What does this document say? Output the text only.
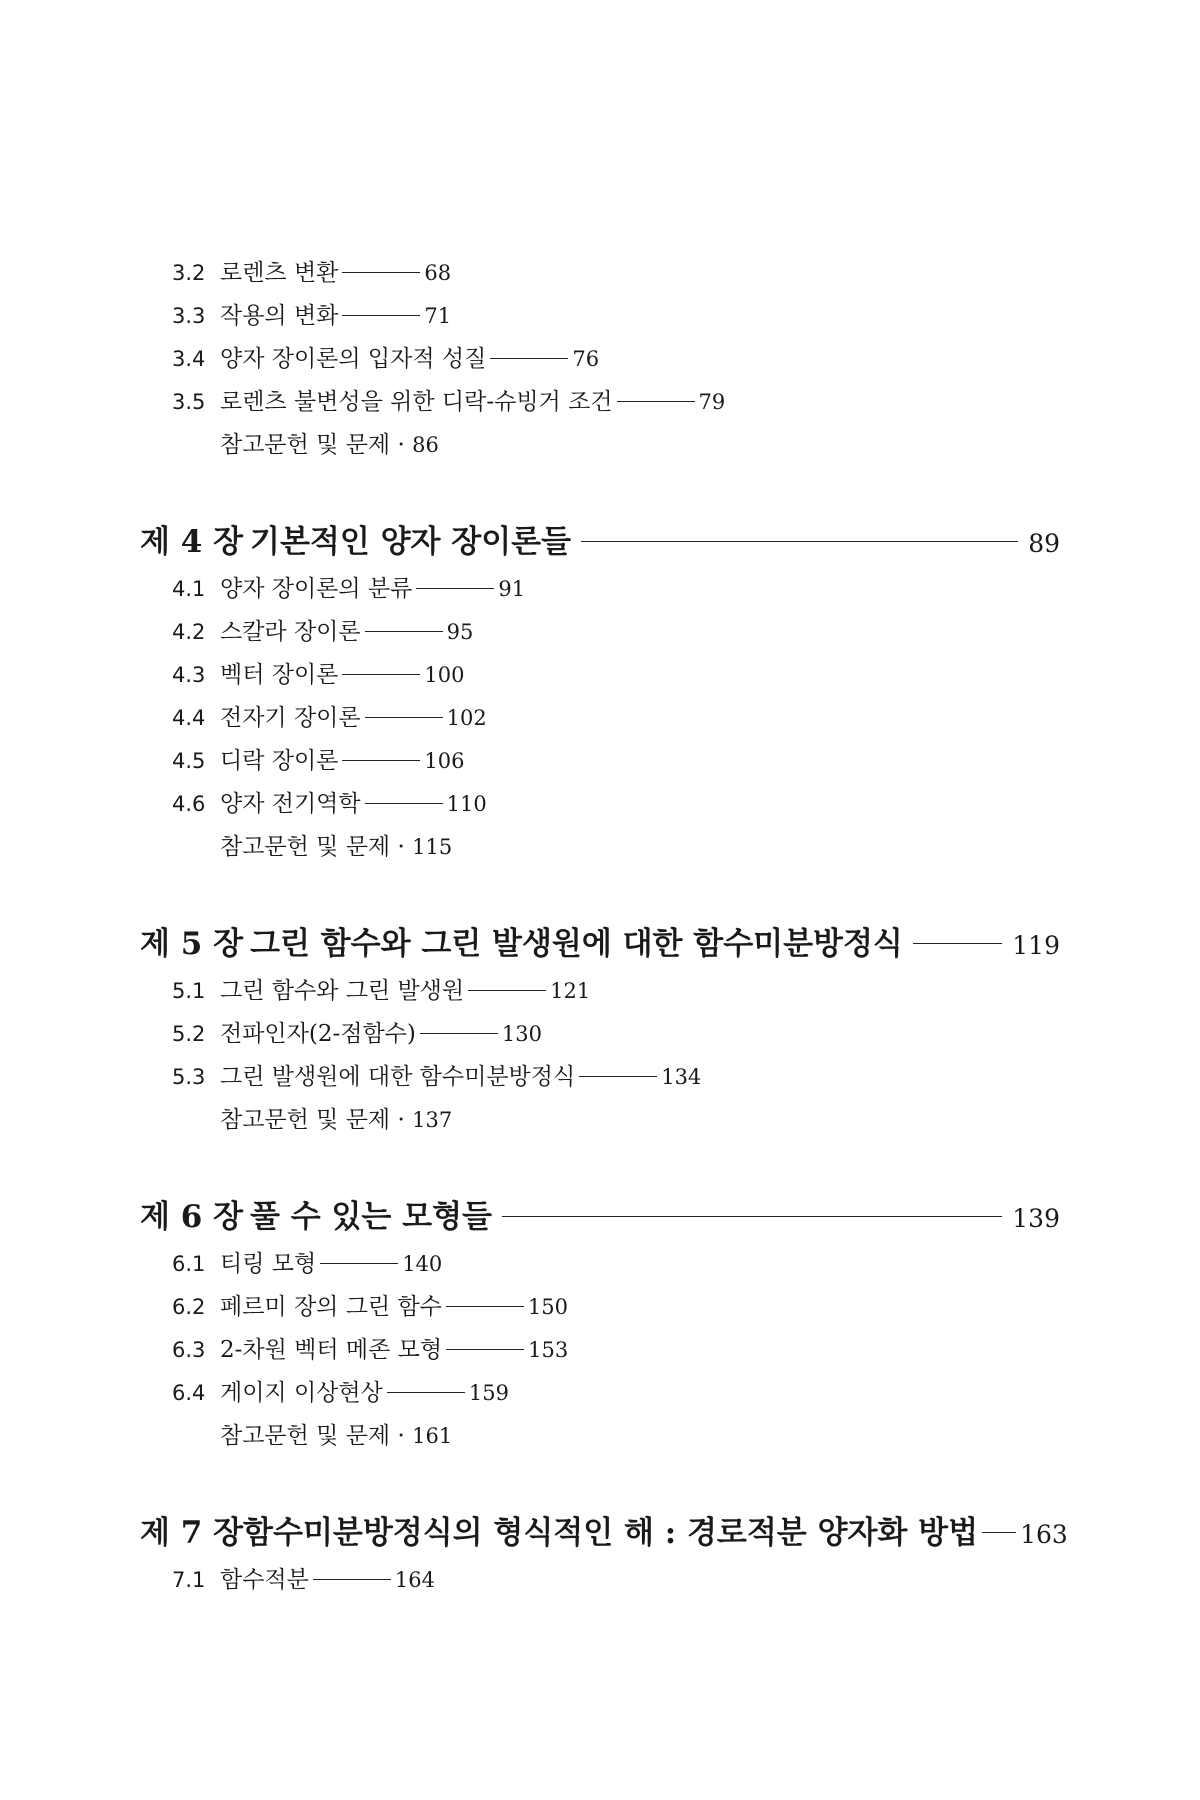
3.2 로렌츠 변환	68
3.3 작용의 변화	71
3.4 양자 장이론의 입자적 성질	76
3.5 로렌츠 불변성을 위한 디락-슈빙거 조건	79
참고문헌 및 문제 · 86
제 4 장 기본적인 양자 장이론들	89
4.1 양자 장이론의 분류	91
4.2 스칼라 장이론	95
4.3 벡터 장이론	100
4.4 전자기 장이론	102
4.5 디락 장이론	106
4.6 양자 전기역학	110
참고문헌 및 문제 · 115
제 5 장 그린 함수와 그린 발생원에 대한 함수미분방정식	119
5.1 그린 함수와 그린 발생원	121
5.2 전파인자(2-점함수)	130
5.3 그린 발생원에 대한 함수미분방정식	134
참고문헌 및 문제 · 137
제 6 장 풀 수 있는 모형들	139
6.1 티링 모형	140
6.2 페르미 장의 그린 함수	150
6.3 2-차원 벡터 메존 모형	153
6.4 게이지 이상현상	159
참고문헌 및 문제 · 161
제 7 장 함수미분방정식의 형식적인 해 : 경로적분 양자화 방법 163
7.1 함수적분	164
